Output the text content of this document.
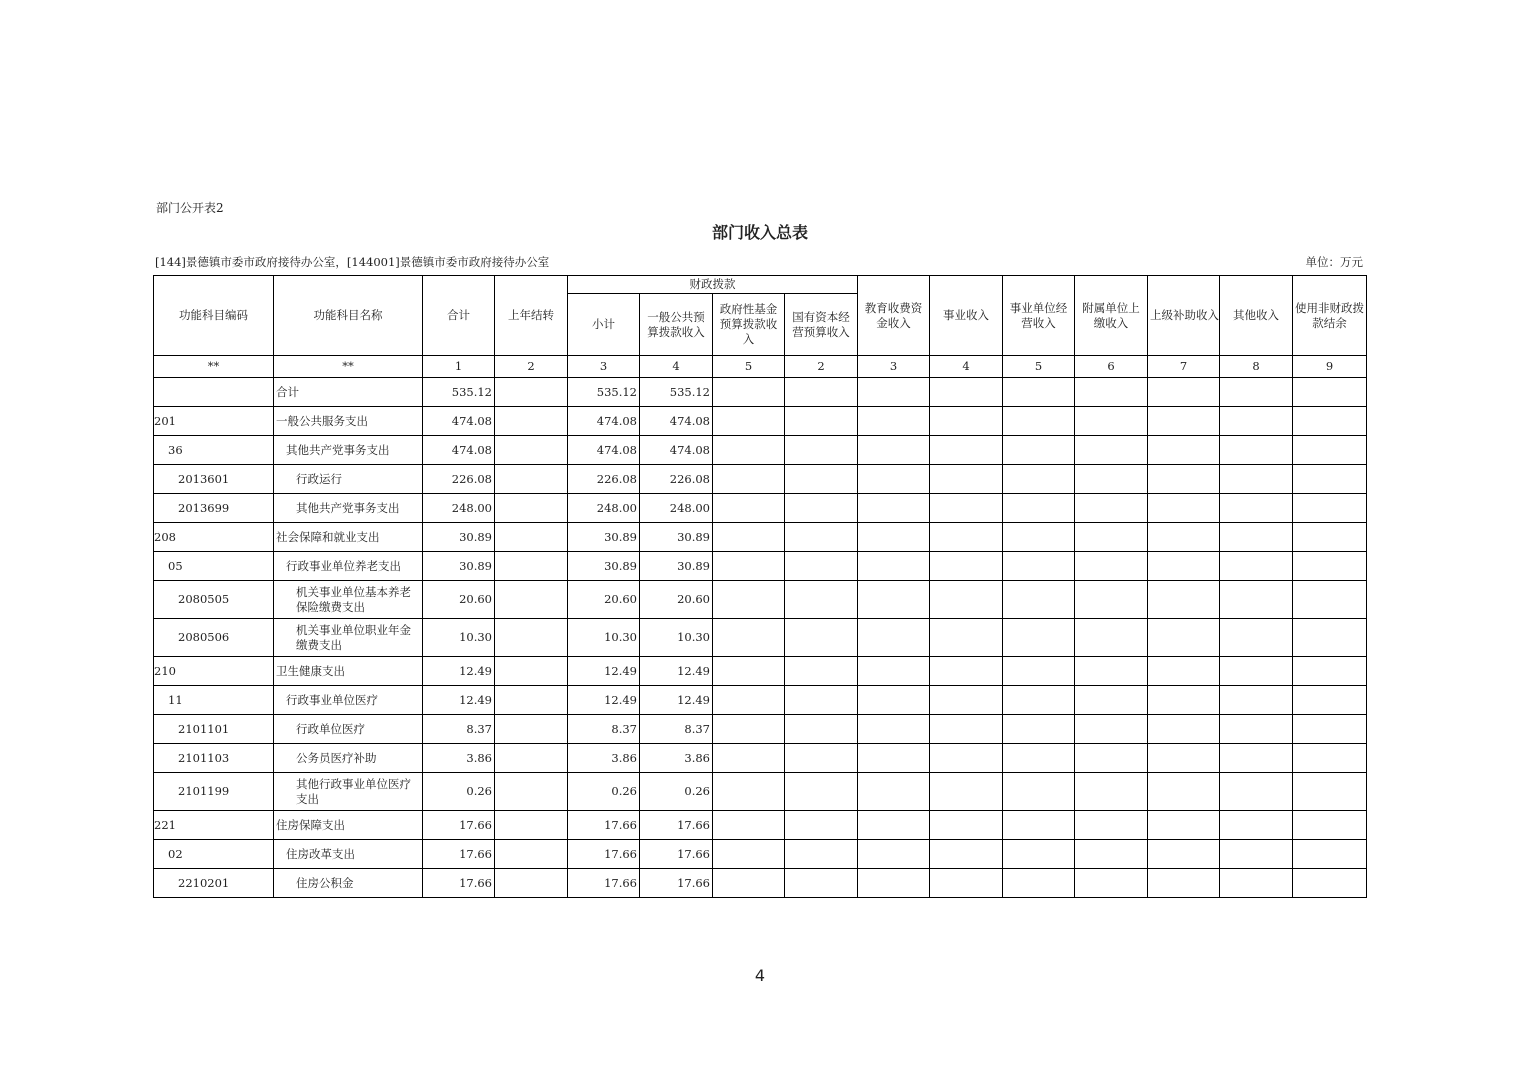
部门公开表2
部门收入总表
[144]景德镇市委市政府接待办公室，[144001]景德镇市委市政府接待办公室	单位：万元
功能科目编码	功能科目名称	合计	上年结转	财政拨款				教育收费资金收入	事业收入	事业单位经营收入	附属单位上缴收入	上级补助收入	其他收入	使用非财政拨款结余
				小计	一般公共预算拨款收入	政府性基金预算拨款收入	国有资本经营预算收入							
**	**	1	2	3	4	5	2	3	4	5	6	7	8	9
	合计	535.12		535.12	535.12									
201	一般公共服务支出	474.08		474.08	474.08									
36	其他共产党事务支出	474.08		474.08	474.08									
2013601	行政运行	226.08		226.08	226.08									
2013699	其他共产党事务支出	248.00		248.00	248.00									
208	社会保障和就业支出	30.89		30.89	30.89									
05	行政事业单位养老支出	30.89		30.89	30.89									
2080505	机关事业单位基本养老保险缴费支出	20.60		20.60	20.60									
2080506	机关事业单位职业年金缴费支出	10.30		10.30	10.30									
210	卫生健康支出	12.49		12.49	12.49									
11	行政事业单位医疗	12.49		12.49	12.49									
2101101	行政单位医疗	8.37		8.37	8.37									
2101103	公务员医疗补助	3.86		3.86	3.86									
2101199	其他行政事业单位医疗支出	0.26		0.26	0.26									
221	住房保障支出	17.66		17.66	17.66									
02	住房改革支出	17.66		17.66	17.66									
2210201	住房公积金	17.66		17.66	17.66									
4
